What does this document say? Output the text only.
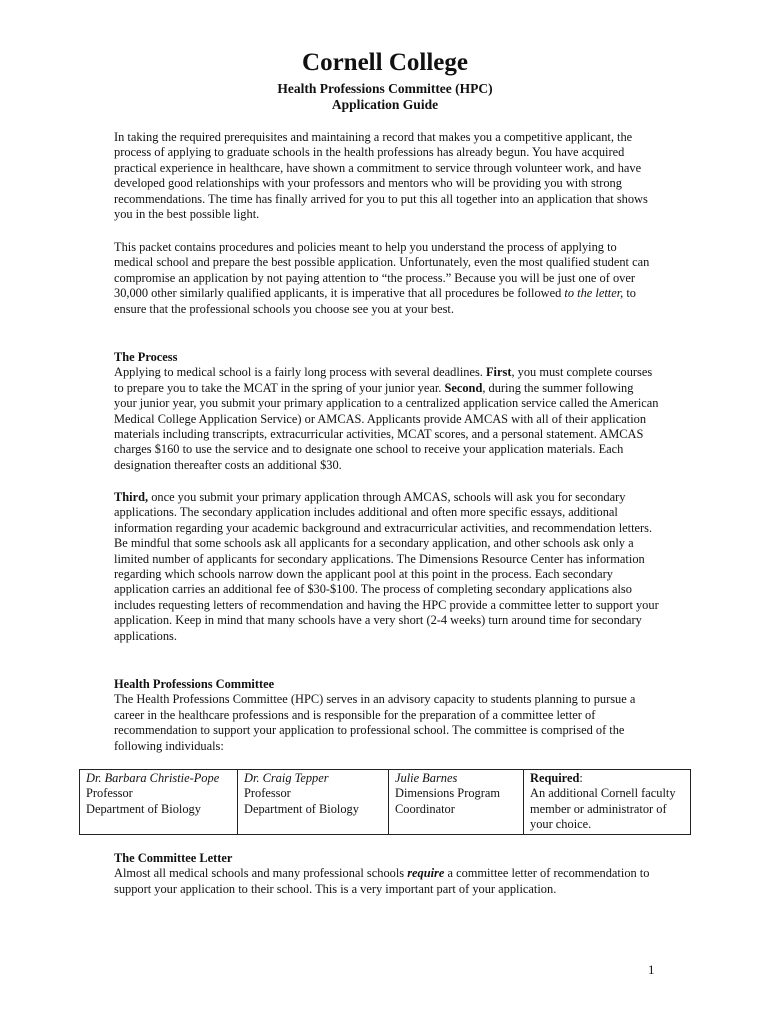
Cornell College
Health Professions Committee (HPC)
Application Guide

In taking the required prerequisites and maintaining a record that makes you a competitive applicant, the process of applying to graduate schools in the health professions has already begun. You have acquired practical experience in healthcare, have shown a commitment to service through volunteer work, and have developed good relationships with your professors and mentors who will be providing you with strong recommendations. The time has finally arrived for you to put this all together into an application that shows you in the best possible light.

This packet contains procedures and policies meant to help you understand the process of applying to medical school and prepare the best possible application. Unfortunately, even the most qualified student can compromise an application by not paying attention to “the process.” Because you will be just one of over 30,000 other similarly qualified applicants, it is imperative that all procedures be followed to the letter, to ensure that the professional schools you choose see you at your best.

The Process

Applying to medical school is a fairly long process with several deadlines. First, you must complete courses to prepare you to take the MCAT in the spring of your junior year. Second, during the summer following your junior year, you submit your primary application to a centralized application service called the American Medical College Application Service) or AMCAS. Applicants provide AMCAS with all of their application materials including transcripts, extracurricular activities, MCAT scores, and a personal statement. AMCAS charges $160 to use the service and to designate one school to receive your application materials. Each designation thereafter costs an additional $30.

Third, once you submit your primary application through AMCAS, schools will ask you for secondary applications. The secondary application includes additional and often more specific essays, additional information regarding your academic background and extracurricular activities, and recommendation letters. Be mindful that some schools ask all applicants for a secondary application, and other schools ask only a limited number of applicants for secondary applications. The Dimensions Resource Center has information regarding which schools narrow down the applicant pool at this point in the process. Each secondary application carries an additional fee of $30-$100. The process of completing secondary applications also includes requesting letters of recommendation and having the HPC provide a committee letter to support your application. Keep in mind that many schools have a very short (2-4 weeks) turn around time for secondary applications.

Health Professions Committee

The Health Professions Committee (HPC) serves in an advisory capacity to students planning to pursue a career in the healthcare professions and is responsible for the preparation of a committee letter of recommendation to support your application to professional school. The committee is comprised of the following individuals:

Dr. Barbara Christie-Pope
Professor
Department of Biology	Dr. Craig Tepper
Professor
Department of Biology	Julie Barnes
Dimensions Program
Coordinator	Required:
An additional Cornell faculty member or administrator of your choice.

The Committee Letter

Almost all medical schools and many professional schools require a committee letter of recommendation to support your application to their school. This is a very important part of your application.

1
